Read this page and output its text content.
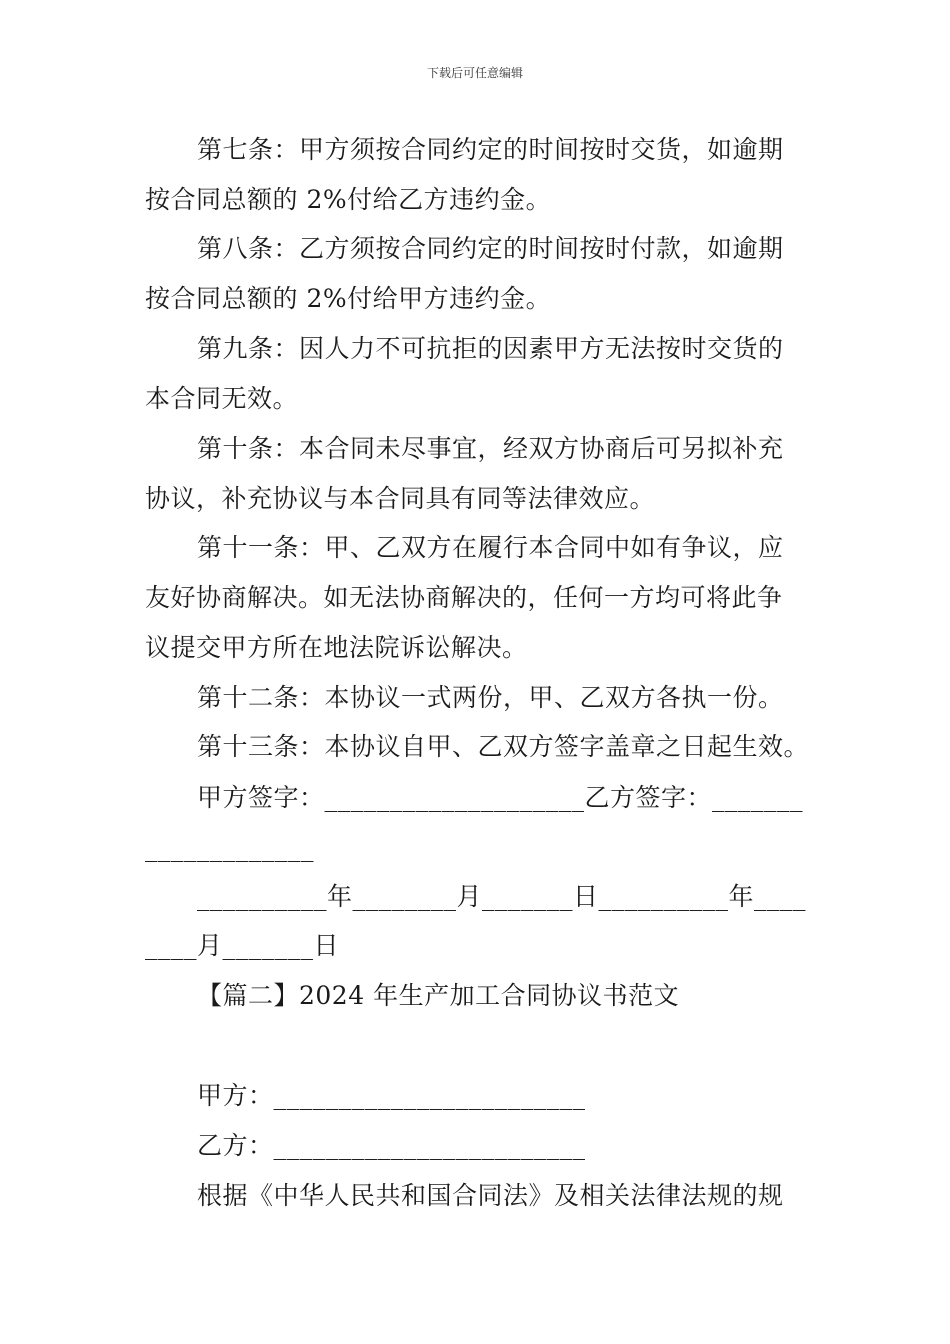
下载后可任意编辑
第七条：甲方须按合同约定的时间按时交货，如逾期
按合同总额的 2%付给乙方违约金。
第八条：乙方须按合同约定的时间按时付款，如逾期
按合同总额的 2%付给甲方违约金。
第九条：因人力不可抗拒的因素甲方无法按时交货的
本合同无效。
第十条：本合同未尽事宜，经双方协商后可另拟补充
协议，补充协议与本合同具有同等法律效应。
第十一条：甲、乙双方在履行本合同中如有争议，应
友好协商解决。如无法协商解决的，任何一方均可将此争
议提交甲方所在地法院诉讼解决。
第十二条：本协议一式两份，甲、乙双方各执一份。
第十三条：本协议自甲、乙双方签字盖章之日起生效。
甲方签字：____________________乙方签字：_______
_____________
__________年________月_______日__________年____
____月_______日
【篇二】2024 年生产加工合同协议书范文
甲方：________________________
乙方：________________________
根据《中华人民共和国合同法》及相关法律法规的规
